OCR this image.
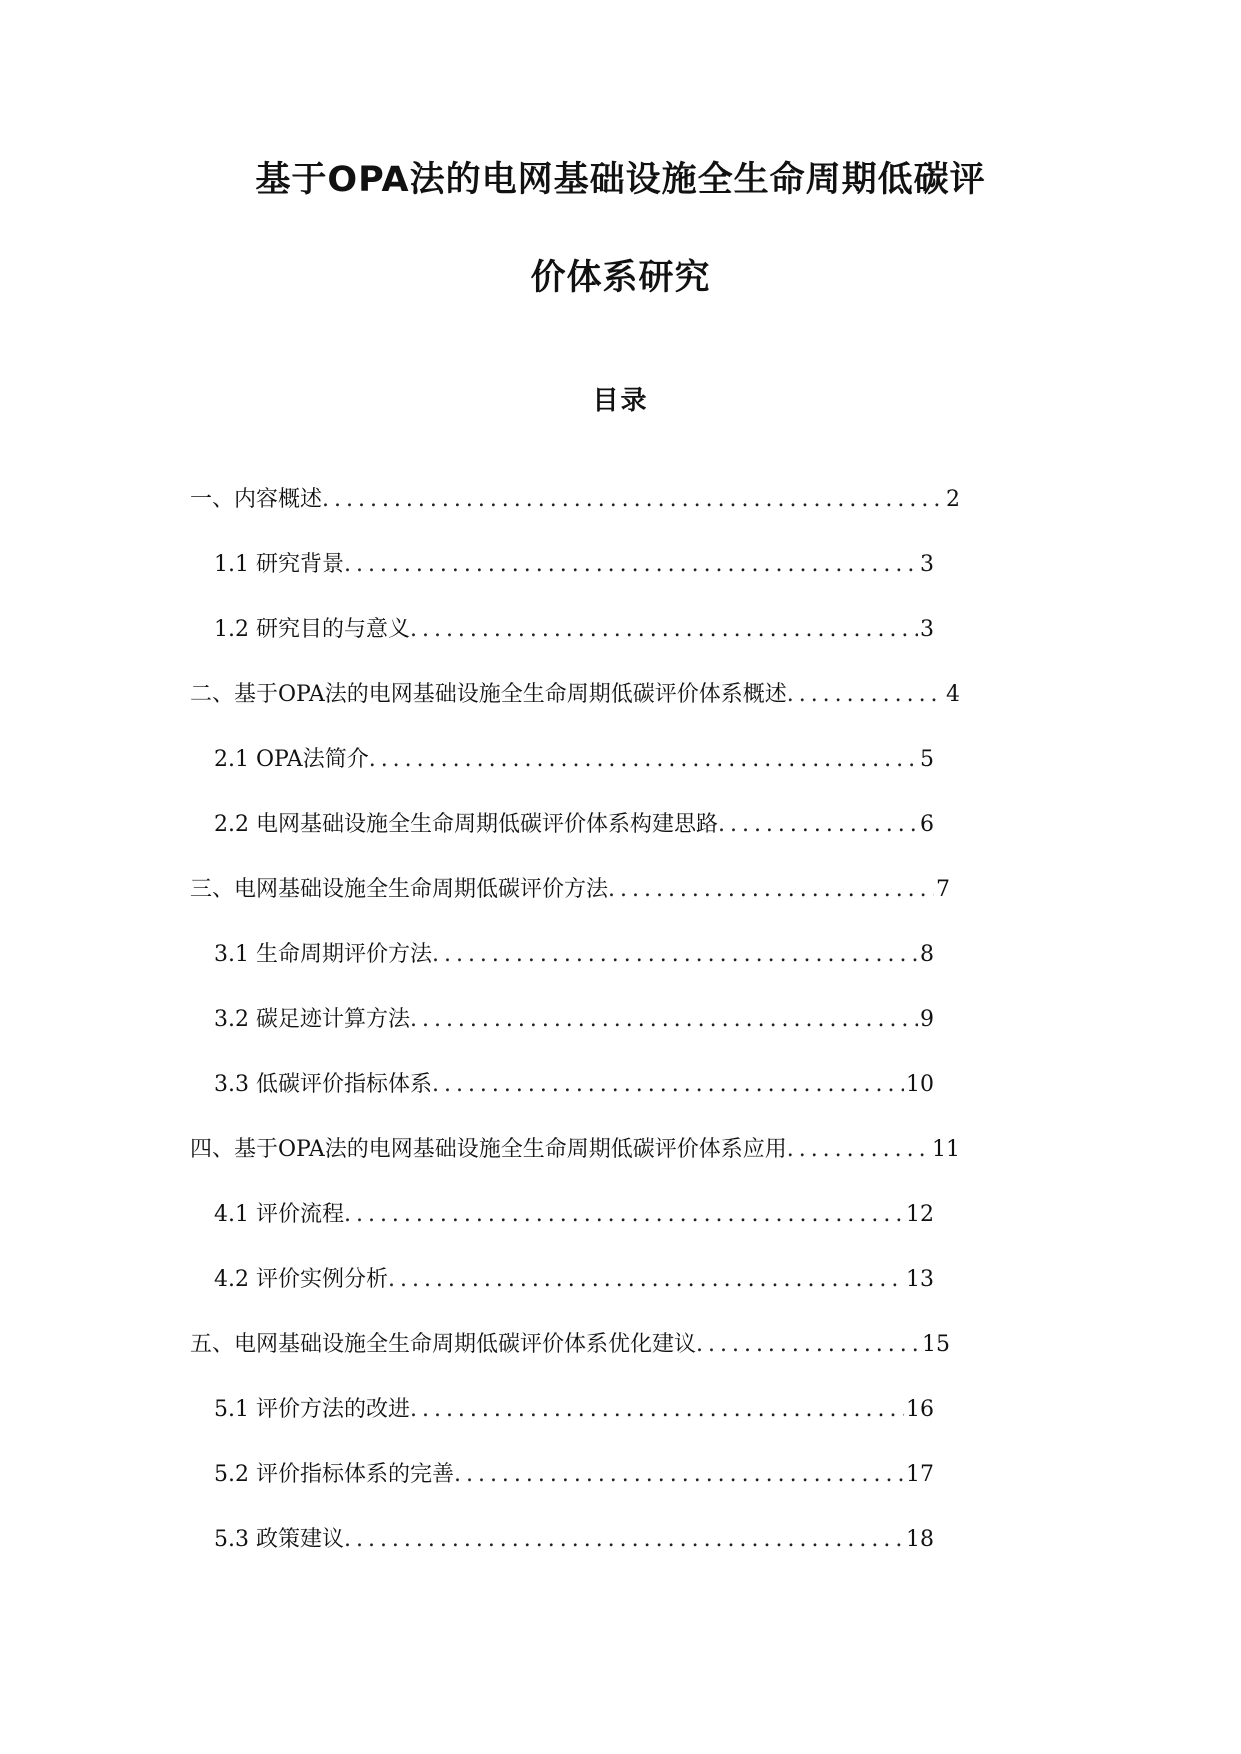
基于OPA法的电网基础设施全生命周期低碳评
价体系研究
目录
一、内容概述 . . .	2
1.1 研究背景 . . .	3
1.2 研究目的与意义 . . .	3
二、基于OPA法的电网基础设施全生命周期低碳评价体系概述 . . .	4
2.1 OPA法简介 . . .	5
2.2 电网基础设施全生命周期低碳评价体系构建思路 . . .	6
三、电网基础设施全生命周期低碳评价方法 . . .	7
3.1 生命周期评价方法 . . .	8
3.2 碳足迹计算方法 . . .	9
3.3 低碳评价指标体系 . . .	10
四、基于OPA法的电网基础设施全生命周期低碳评价体系应用 . . .	11
4.1 评价流程 . . .	12
4.2 评价实例分析 . . .	13
五、电网基础设施全生命周期低碳评价体系优化建议 . . .	15
5.1 评价方法的改进 . . .	16
5.2 评价指标体系的完善 . . .	17
5.3 政策建议 . . .	18
